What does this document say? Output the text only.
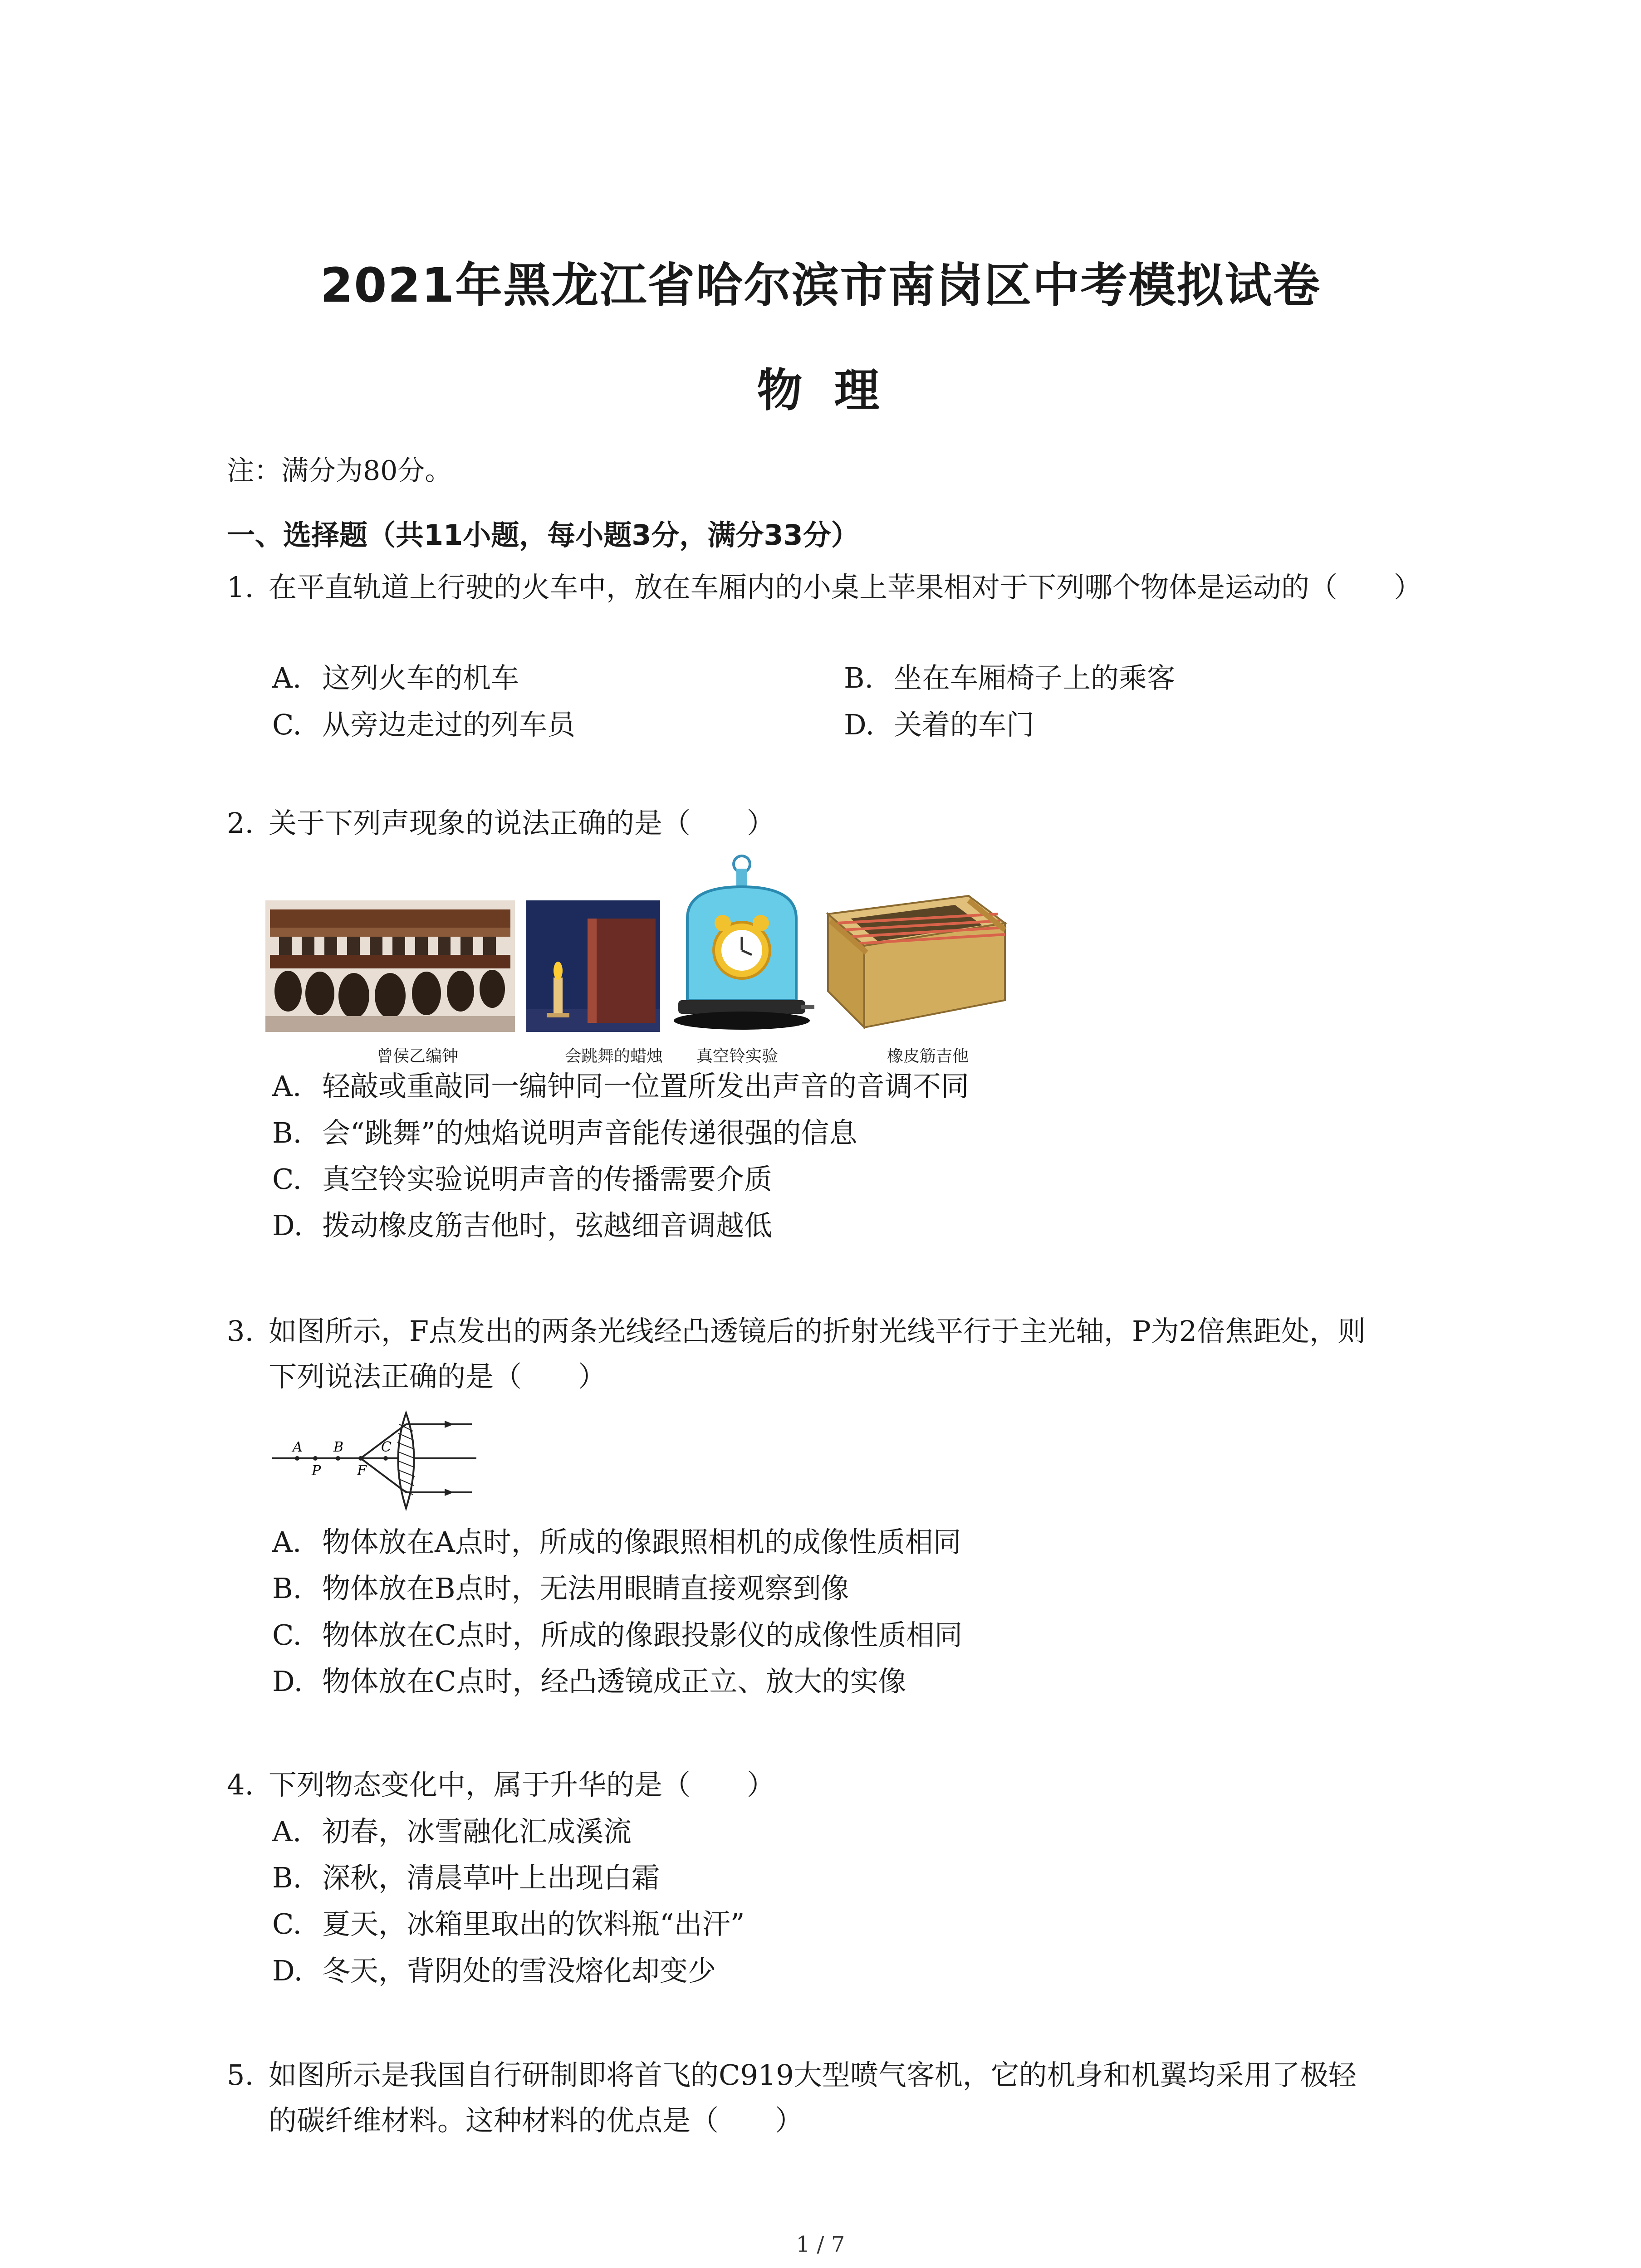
2021年黑龙江省哈尔滨市南岗区中考模拟试卷
物理
注：满分为80分。
一、选择题（共11小题，每小题3分，满分33分）
1. 在平直轨道上行驶的火车中，放在车厢内的小桌上苹果相对于下列哪个物体是运动的（　　）
A. 这列火车的机车	B. 坐在车厢椅子上的乘客
C. 从旁边走过的列车员	D. 关着的车门
2. 关于下列声现象的说法正确的是（　　）
曾侯乙编钟	会跳舞的蜡烛 真空铃实验	橡皮筋吉他
A. 轻敲或重敲同一编钟同一位置所发出声音的音调不同
B. 会“跳舞”的烛焰说明声音能传递很强的信息
C. 真空铃实验说明声音的传播需要介质
D. 拨动橡皮筋吉他时，弦越细音调越低
3. 如图所示，F点发出的两条光线经凸透镜后的折射光线平行于主光轴，P为2倍焦距处，则
下列说法正确的是（　　）
A B	C
P	F
A. 物体放在A点时，所成的像跟照相机的成像性质相同
B. 物体放在B点时，无法用眼睛直接观察到像
C. 物体放在C点时，所成的像跟投影仪的成像性质相同
D. 物体放在C点时，经凸透镜成正立、放大的实像
4. 下列物态变化中，属于升华的是（　　）
A. 初春，冰雪融化汇成溪流
B. 深秋，清晨草叶上出现白霜
C. 夏天，冰箱里取出的饮料瓶“出汗”
D. 冬天，背阴处的雪没熔化却变少
5. 如图所示是我国自行研制即将首飞的C919大型喷气客机，它的机身和机翼均采用了极轻
的碳纤维材料。这种材料的优点是（　　）
1 / 7
